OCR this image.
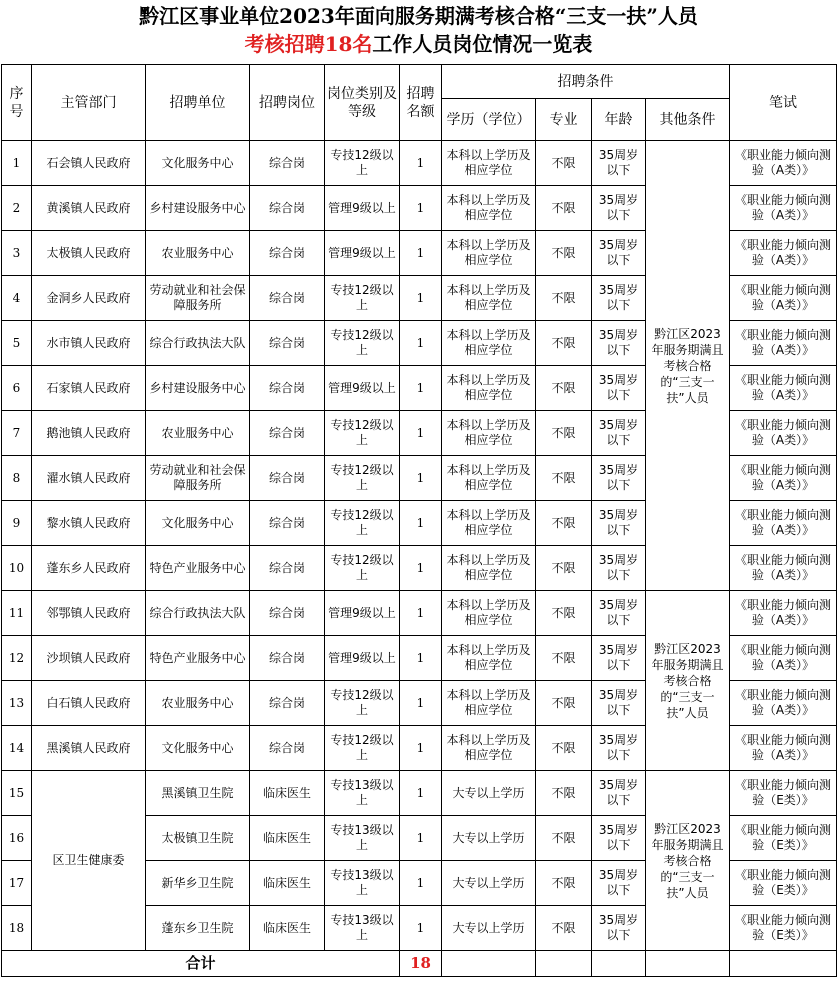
黔江区事业单位2023年面向服务期满考核合格“三支一扶”人员
考核招聘18名工作人员岗位情况一览表
序号	主管部门	招聘单位	招聘岗位	岗位类别及等级	招聘名额	招聘条件				笔试
						学历（学位）	专业	年龄	其他条件	
1	石会镇人民政府	文化服务中心	综合岗	专技12级以上	1	本科以上学历及相应学位	不限	35周岁以下	黔江区2023年服务期满且考核合格的“三支一扶”人员	《职业能力倾向测验（A类）》
2	黄溪镇人民政府	乡村建设服务中心	综合岗	管理9级以上	1	本科以上学历及相应学位	不限	35周岁以下		《职业能力倾向测验（A类）》
3	太极镇人民政府	农业服务中心	综合岗	管理9级以上	1	本科以上学历及相应学位	不限	35周岁以下		《职业能力倾向测验（A类）》
4	金洞乡人民政府	劳动就业和社会保障服务所	综合岗	专技12级以上	1	本科以上学历及相应学位	不限	35周岁以下		《职业能力倾向测验（A类）》
5	水市镇人民政府	综合行政执法大队	综合岗	专技12级以上	1	本科以上学历及相应学位	不限	35周岁以下		《职业能力倾向测验（A类）》
6	石家镇人民政府	乡村建设服务中心	综合岗	管理9级以上	1	本科以上学历及相应学位	不限	35周岁以下		《职业能力倾向测验（A类）》
7	鹅池镇人民政府	农业服务中心	综合岗	专技12级以上	1	本科以上学历及相应学位	不限	35周岁以下		《职业能力倾向测验（A类）》
8	濯水镇人民政府	劳动就业和社会保障服务所	综合岗	专技12级以上	1	本科以上学历及相应学位	不限	35周岁以下		《职业能力倾向测验（A类）》
9	黎水镇人民政府	文化服务中心	综合岗	专技12级以上	1	本科以上学历及相应学位	不限	35周岁以下		《职业能力倾向测验（A类）》
10	蓬东乡人民政府	特色产业服务中心	综合岗	专技12级以上	1	本科以上学历及相应学位	不限	35周岁以下		《职业能力倾向测验（A类）》
11	邻鄂镇人民政府	综合行政执法大队	综合岗	管理9级以上	1	本科以上学历及相应学位	不限	35周岁以下	黔江区2023年服务期满且考核合格的“三支一扶”人员	《职业能力倾向测验（A类）》
12	沙坝镇人民政府	特色产业服务中心	综合岗	管理9级以上	1	本科以上学历及相应学位	不限	35周岁以下		《职业能力倾向测验（A类）》
13	白石镇人民政府	农业服务中心	综合岗	专技12级以上	1	本科以上学历及相应学位	不限	35周岁以下		《职业能力倾向测验（A类）》
14	黑溪镇人民政府	文化服务中心	综合岗	专技12级以上	1	本科以上学历及相应学位	不限	35周岁以下		《职业能力倾向测验（A类）》
15	区卫生健康委	黑溪镇卫生院	临床医生	专技13级以上	1	大专以上学历	不限	35周岁以下	黔江区2023年服务期满且考核合格的“三支一扶”人员	《职业能力倾向测验（E类）》
16		太极镇卫生院	临床医生	专技13级以上	1	大专以上学历	不限	35周岁以下		《职业能力倾向测验（E类）》
17		新华乡卫生院	临床医生	专技13级以上	1	大专以上学历	不限	35周岁以下		《职业能力倾向测验（E类）》
18		蓬东乡卫生院	临床医生	专技13级以上	1	大专以上学历	不限	35周岁以下		《职业能力倾向测验（E类）》
合计					18					
